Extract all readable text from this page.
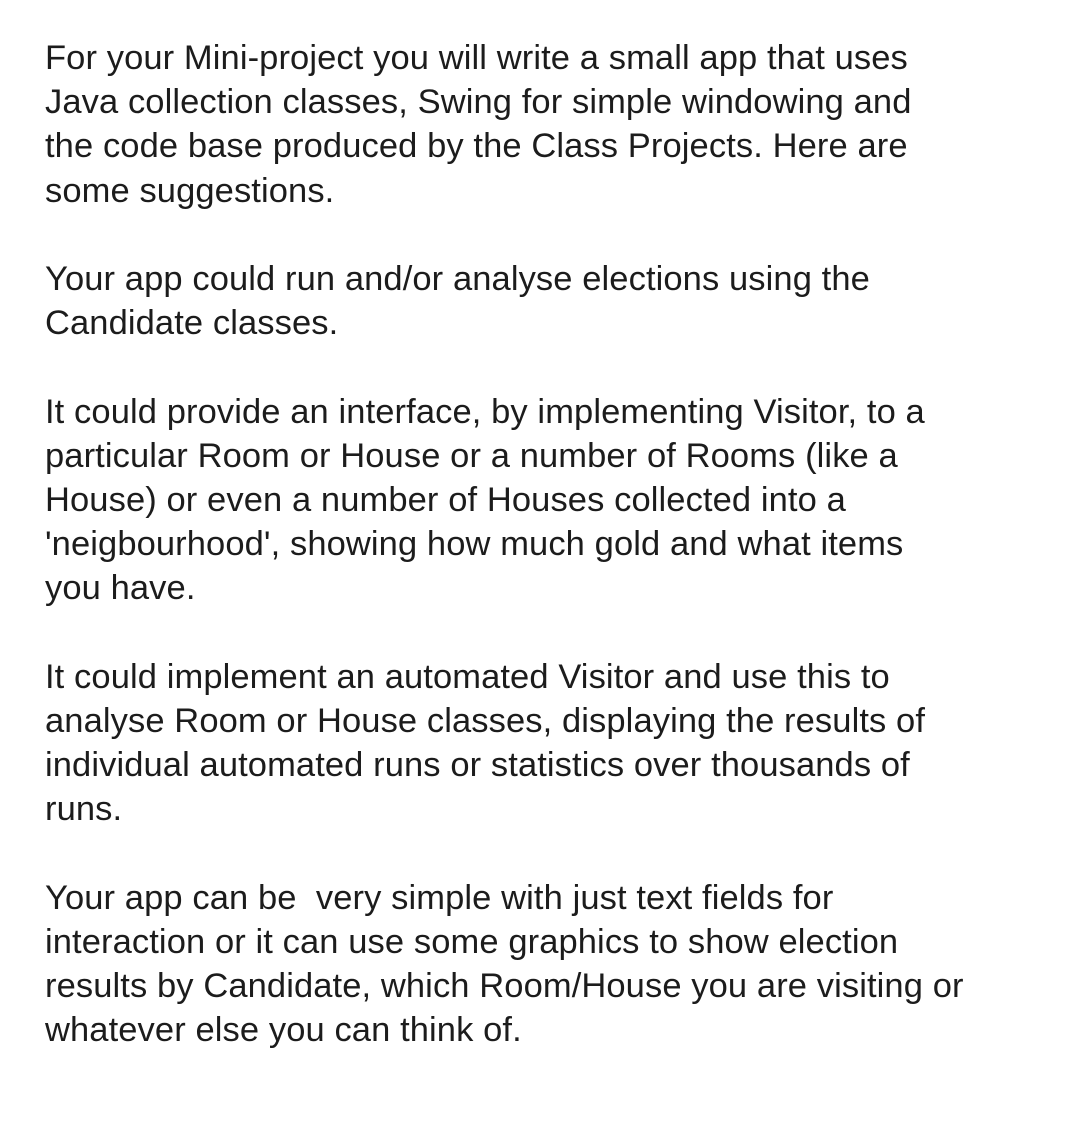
For your Mini-project you will write a small app that uses
Java collection classes, Swing for simple windowing and
the code base produced by the Class Projects. Here are
some suggestions.

Your app could run and/or analyse elections using the
Candidate classes.

It could provide an interface, by implementing Visitor, to a
particular Room or House or a number of Rooms (like a
House) or even a number of Houses collected into a
'neigbourhood', showing how much gold and what items
you have.

It could implement an automated Visitor and use this to
analyse Room or House classes, displaying the results of
individual automated runs or statistics over thousands of
runs.

Your app can be  very simple with just text fields for
interaction or it can use some graphics to show election
results by Candidate, which Room/House you are visiting or
whatever else you can think of.
